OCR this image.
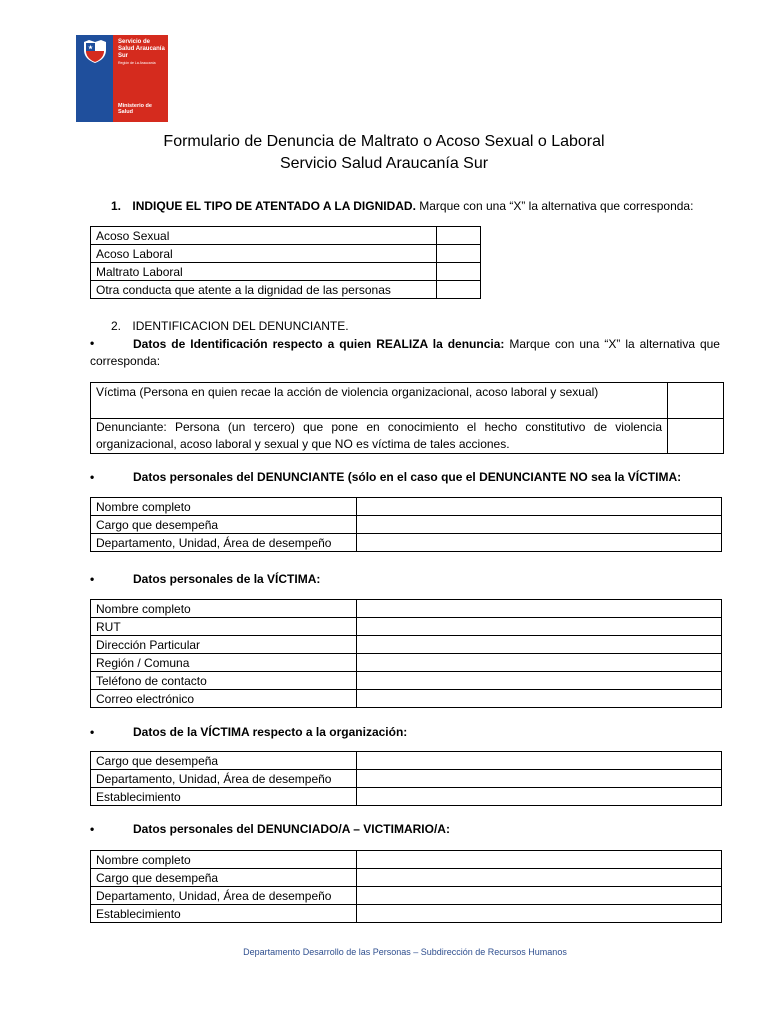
Servicio de Salud Araucanía Sur
Región de La Araucanía
Ministerio de Salud
Formulario de Denuncia de Maltrato o Acoso Sexual o Laboral
Servicio Salud Araucanía Sur
1. INDIQUE EL TIPO DE ATENTADO A LA DIGNIDAD. Marque con una “X” la alternativa que corresponda:
Acoso Sexual	
Acoso Laboral	
Maltrato Laboral	
Otra conducta que atente a la dignidad de las personas	
2. IDENTIFICACION DEL DENUNCIANTE.
•	Datos de Identificación respecto a quien REALIZA la denuncia: Marque con una “X” la alternativa que corresponda:
Víctima (Persona en quien recae la acción de violencia organizacional, acoso laboral y sexual)	
Denunciante: Persona (un tercero) que pone en conocimiento el hecho constitutivo de violencia organizacional, acoso laboral y sexual y que NO es víctima de tales acciones.	
•	Datos personales del DENUNCIANTE (sólo en el caso que el DENUNCIANTE NO sea la VÍCTIMA:
Nombre completo	
Cargo que desempeña	
Departamento, Unidad, Área de desempeño	
•	Datos personales de la VÍCTIMA:
Nombre completo	
RUT	
Dirección Particular	
Región / Comuna	
Teléfono de contacto	
Correo electrónico	
•	Datos de la VÍCTIMA respecto a la organización:
Cargo que desempeña	
Departamento, Unidad, Área de desempeño	
Establecimiento	
•	Datos personales del DENUNCIADO/A – VICTIMARIO/A:
Nombre completo	
Cargo que desempeña	
Departamento, Unidad, Área de desempeño	
Establecimiento	
Departamento Desarrollo de las Personas – Subdirección de Recursos Humanos
